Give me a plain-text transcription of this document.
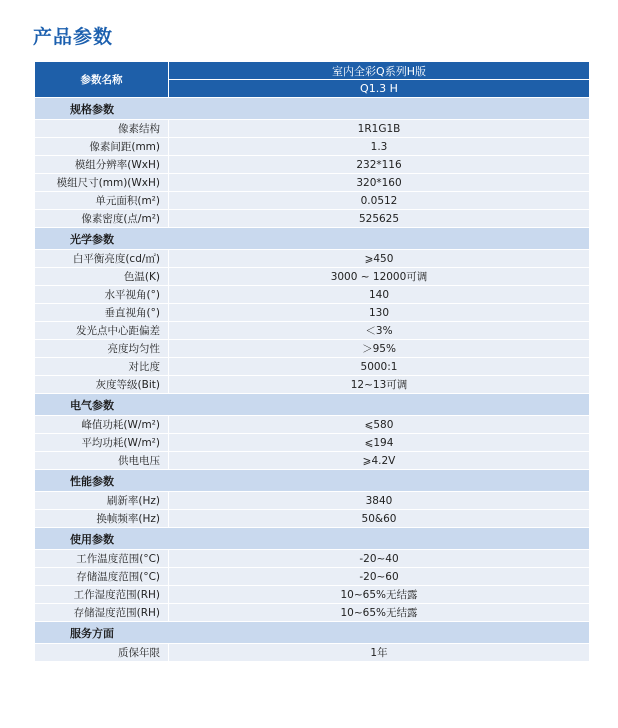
产品参数
参数名称	室内全彩Q系列H版
	Q1.3 H
规格参数	
像素结构	1R1G1B
像素间距(mm)	1.3
模组分辨率(WxH)	232*116
模组尺寸(mm)(WxH)	320*160
单元面积(m²)	0.0512
像素密度(点/m²)	525625
光学参数	
白平衡亮度(cd/㎡)	⩾450
色温(K)	3000 ~ 12000可调
水平视角(°)	140
垂直视角(°)	130
发光点中心距偏差	＜3%
亮度均匀性	＞95%
对比度	5000:1
灰度等级(Bit)	12~13可调
电气参数	
峰值功耗(W/m²)	⩽580
平均功耗(W/m²)	⩽194
供电电压	⩾4.2V
性能参数	
刷新率(Hz)	3840
换帧频率(Hz)	50&60
使用参数	
工作温度范围(°C)	-20~40
存储温度范围(°C)	-20~60
工作湿度范围(RH)	10~65%无结露
存储湿度范围(RH)	10~65%无结露
服务方面	
质保年限	1年
